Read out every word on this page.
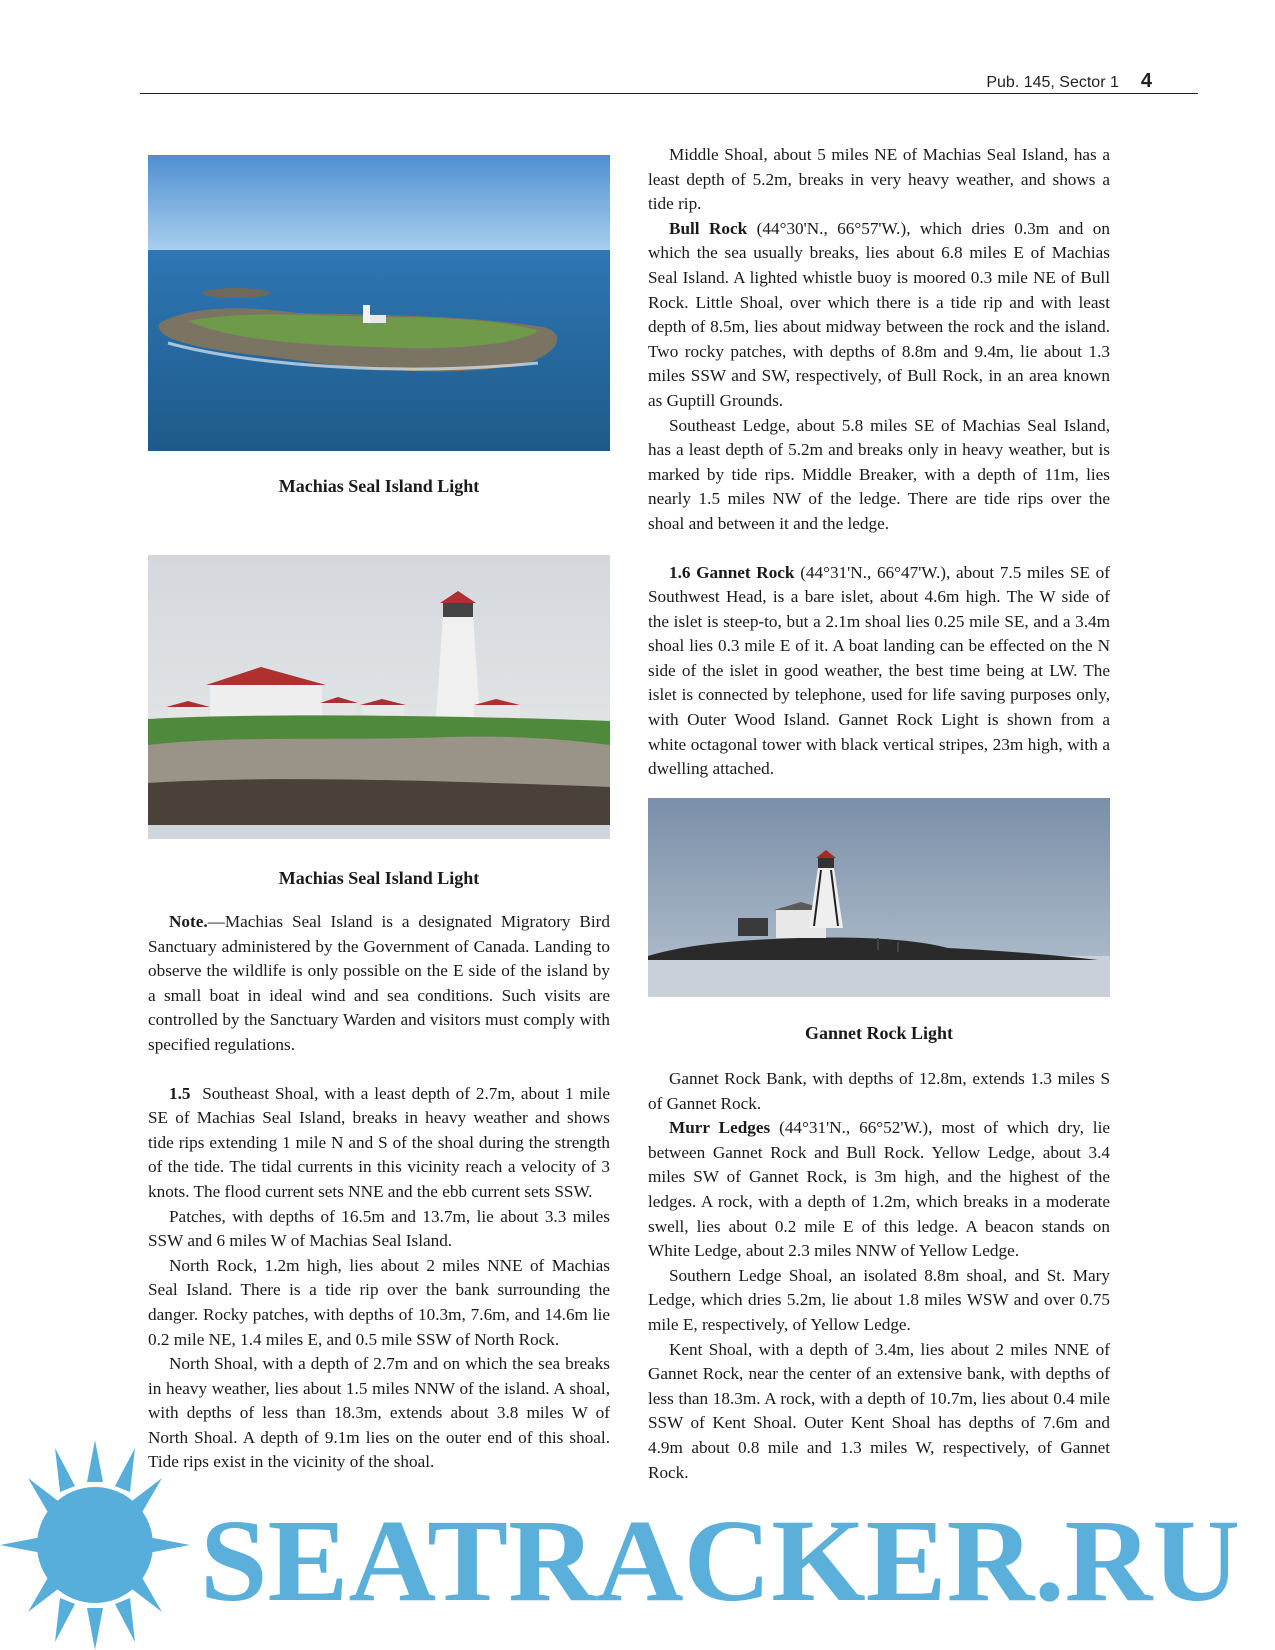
Pub. 145, Sector 1 4
Machias Seal Island Light
Machias Seal Island Light
Gannet Rock Light

Note.—Machias Seal Island is a designated Migratory Bird Sanctuary administered by the Government of Canada. Landing to observe the wildlife is only possible on the E side of the island by a small boat in ideal wind and sea conditions. Such visits are controlled by the Sanctuary Warden and visitors must comply with specified regulations.

1.5 Southeast Shoal, with a least depth of 2.7m, about 1 mile SE of Machias Seal Island, breaks in heavy weather and shows tide rips extending 1 mile N and S of the shoal during the strength of the tide. The tidal currents in this vicinity reach a velocity of 3 knots. The flood current sets NNE and the ebb current sets SSW.

Patches, with depths of 16.5m and 13.7m, lie about 3.3 miles SSW and 6 miles W of Machias Seal Island.

North Rock, 1.2m high, lies about 2 miles NNE of Machias Seal Island. There is a tide rip over the bank surrounding the danger. Rocky patches, with depths of 10.3m, 7.6m, and 14.6m lie 0.2 mile NE, 1.4 miles E, and 0.5 mile SSW of North Rock.

North Shoal, with a depth of 2.7m and on which the sea breaks in heavy weather, lies about 1.5 miles NNW of the island. A shoal, with depths of less than 18.3m, extends about 3.8 miles W of North Shoal. A depth of 9.1m lies on the outer end of this shoal. Tide rips exist in the vicinity of the shoal.

Middle Shoal, about 5 miles NE of Machias Seal Island, has a least depth of 5.2m, breaks in very heavy weather, and shows a tide rip.

Bull Rock (44°30'N., 66°57'W.), which dries 0.3m and on which the sea usually breaks, lies about 6.8 miles E of Machias Seal Island. A lighted whistle buoy is moored 0.3 mile NE of Bull Rock. Little Shoal, over which there is a tide rip and with least depth of 8.5m, lies about midway between the rock and the island. Two rocky patches, with depths of 8.8m and 9.4m, lie about 1.3 miles SSW and SW, respectively, of Bull Rock, in an area known as Guptill Grounds.

Southeast Ledge, about 5.8 miles SE of Machias Seal Island, has a least depth of 5.2m and breaks only in heavy weather, but is marked by tide rips. Middle Breaker, with a depth of 11m, lies nearly 1.5 miles NW of the ledge. There are tide rips over the shoal and between it and the ledge.

1.6 Gannet Rock (44°31'N., 66°47'W.), about 7.5 miles SE of Southwest Head, is a bare islet, about 4.6m high. The W side of the islet is steep-to, but a 2.1m shoal lies 0.25 mile SE, and a 3.4m shoal lies 0.3 mile E of it. A boat landing can be effected on the N side of the islet in good weather, the best time being at LW. The islet is connected by telephone, used for life saving purposes only, with Outer Wood Island. Gannet Rock Light is shown from a white octagonal tower with black vertical stripes, 23m high, with a dwelling attached.

Gannet Rock Bank, with depths of 12.8m, extends 1.3 miles S of Gannet Rock.

Murr Ledges (44°31'N., 66°52'W.), most of which dry, lie between Gannet Rock and Bull Rock. Yellow Ledge, about 3.4 miles SW of Gannet Rock, is 3m high, and the highest of the ledges. A rock, with a depth of 1.2m, which breaks in a moderate swell, lies about 0.2 mile E of this ledge. A beacon stands on White Ledge, about 2.3 miles NNW of Yellow Ledge.

Southern Ledge Shoal, an isolated 8.8m shoal, and St. Mary Ledge, which dries 5.2m, lie about 1.8 miles WSW and over 0.75 mile E, respectively, of Yellow Ledge.

Kent Shoal, with a depth of 3.4m, lies about 2 miles NNE of Gannet Rock, near the center of an extensive bank, with depths of less than 18.3m. A rock, with a depth of 10.7m, lies about 0.4 mile SSW of Kent Shoal. Outer Kent Shoal has depths of 7.6m and 4.9m about 0.8 mile and 1.3 miles W, respectively, of Gannet Rock.

SEATRACKER.RU
